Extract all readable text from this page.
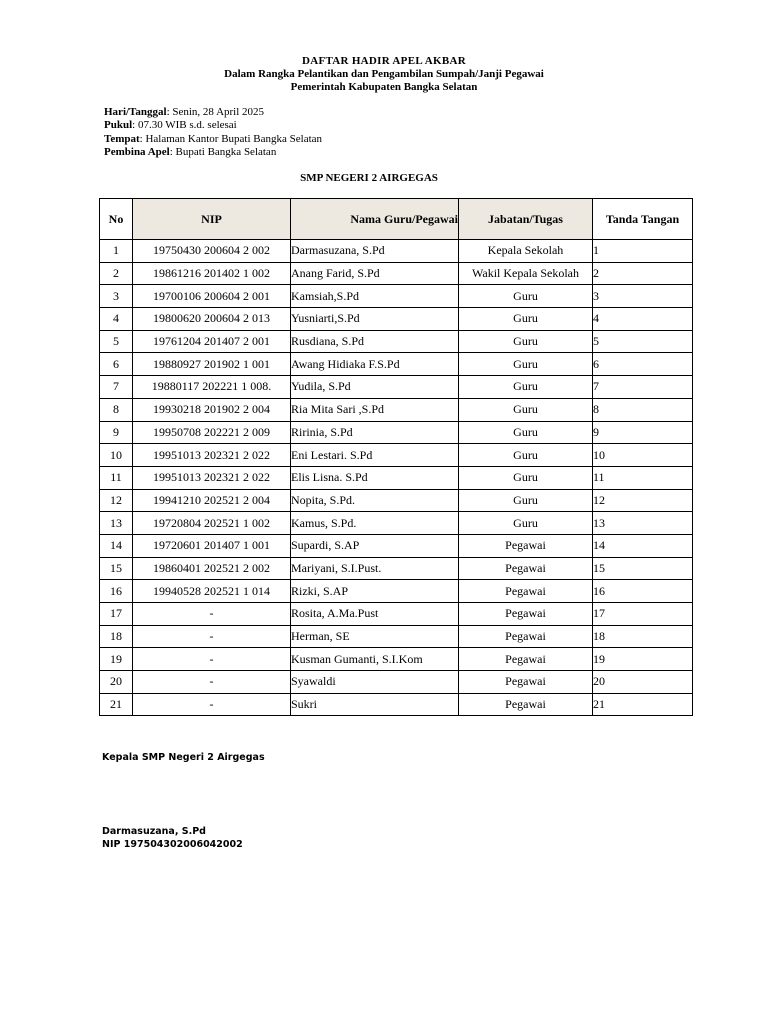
DAFTAR HADIR APEL AKBAR
Dalam Rangka Pelantikan dan Pengambilan Sumpah/Janji Pegawai
Pemerintah Kabupaten Bangka Selatan
Hari/Tanggal: Senin, 28 April 2025
Pukul: 07.30 WIB s.d. selesai
Tempat: Halaman Kantor Bupati Bangka Selatan
Pembina Apel: Bupati Bangka Selatan
SMP NEGERI 2 AIRGEGAS
No	NIP	Nama Guru/Pegawai	Jabatan/Tugas	Tanda Tangan
1	19750430 200604 2 002	Darmasuzana, S.Pd	Kepala Sekolah	1
2	19861216 201402 1 002	Anang Farid, S.Pd	Wakil Kepala Sekolah	2
3	19700106 200604 2 001	Kamsiah,S.Pd	Guru	3
4	19800620 200604 2 013	Yusniarti,S.Pd	Guru	4
5	19761204 201407 2 001	Rusdiana, S.Pd	Guru	5
6	19880927 201902 1 001	Awang Hidiaka F.S.Pd	Guru	6
7	19880117 202221 1 008.	Yudila, S.Pd	Guru	7
8	19930218 201902 2 004	Ria Mita Sari ,S.Pd	Guru	8
9	19950708 202221 2 009	Ririnia, S.Pd	Guru	9
10	19951013 202321 2 022	Eni Lestari. S.Pd	Guru	10
11	19951013 202321 2 022	Elis Lisna. S.Pd	Guru	11
12	19941210 202521 2 004	Nopita, S.Pd.	Guru	12
13	19720804 202521 1 002	Kamus, S.Pd.	Guru	13
14	19720601 201407 1 001	Supardi, S.AP	Pegawai	14
15	19860401 202521 2 002	Mariyani, S.I.Pust.	Pegawai	15
16	19940528 202521 1 014	Rizki, S.AP	Pegawai	16
17	-	Rosita, A.Ma.Pust	Pegawai	17
18	-	Herman, SE	Pegawai	18
19	-	Kusman Gumanti, S.I.Kom	Pegawai	19
20	-	Syawaldi	Pegawai	20
21	-	Sukri	Pegawai	21
Kepala SMP Negeri 2 Airgegas
Darmasuzana, S.Pd
NIP 197504302006042002
